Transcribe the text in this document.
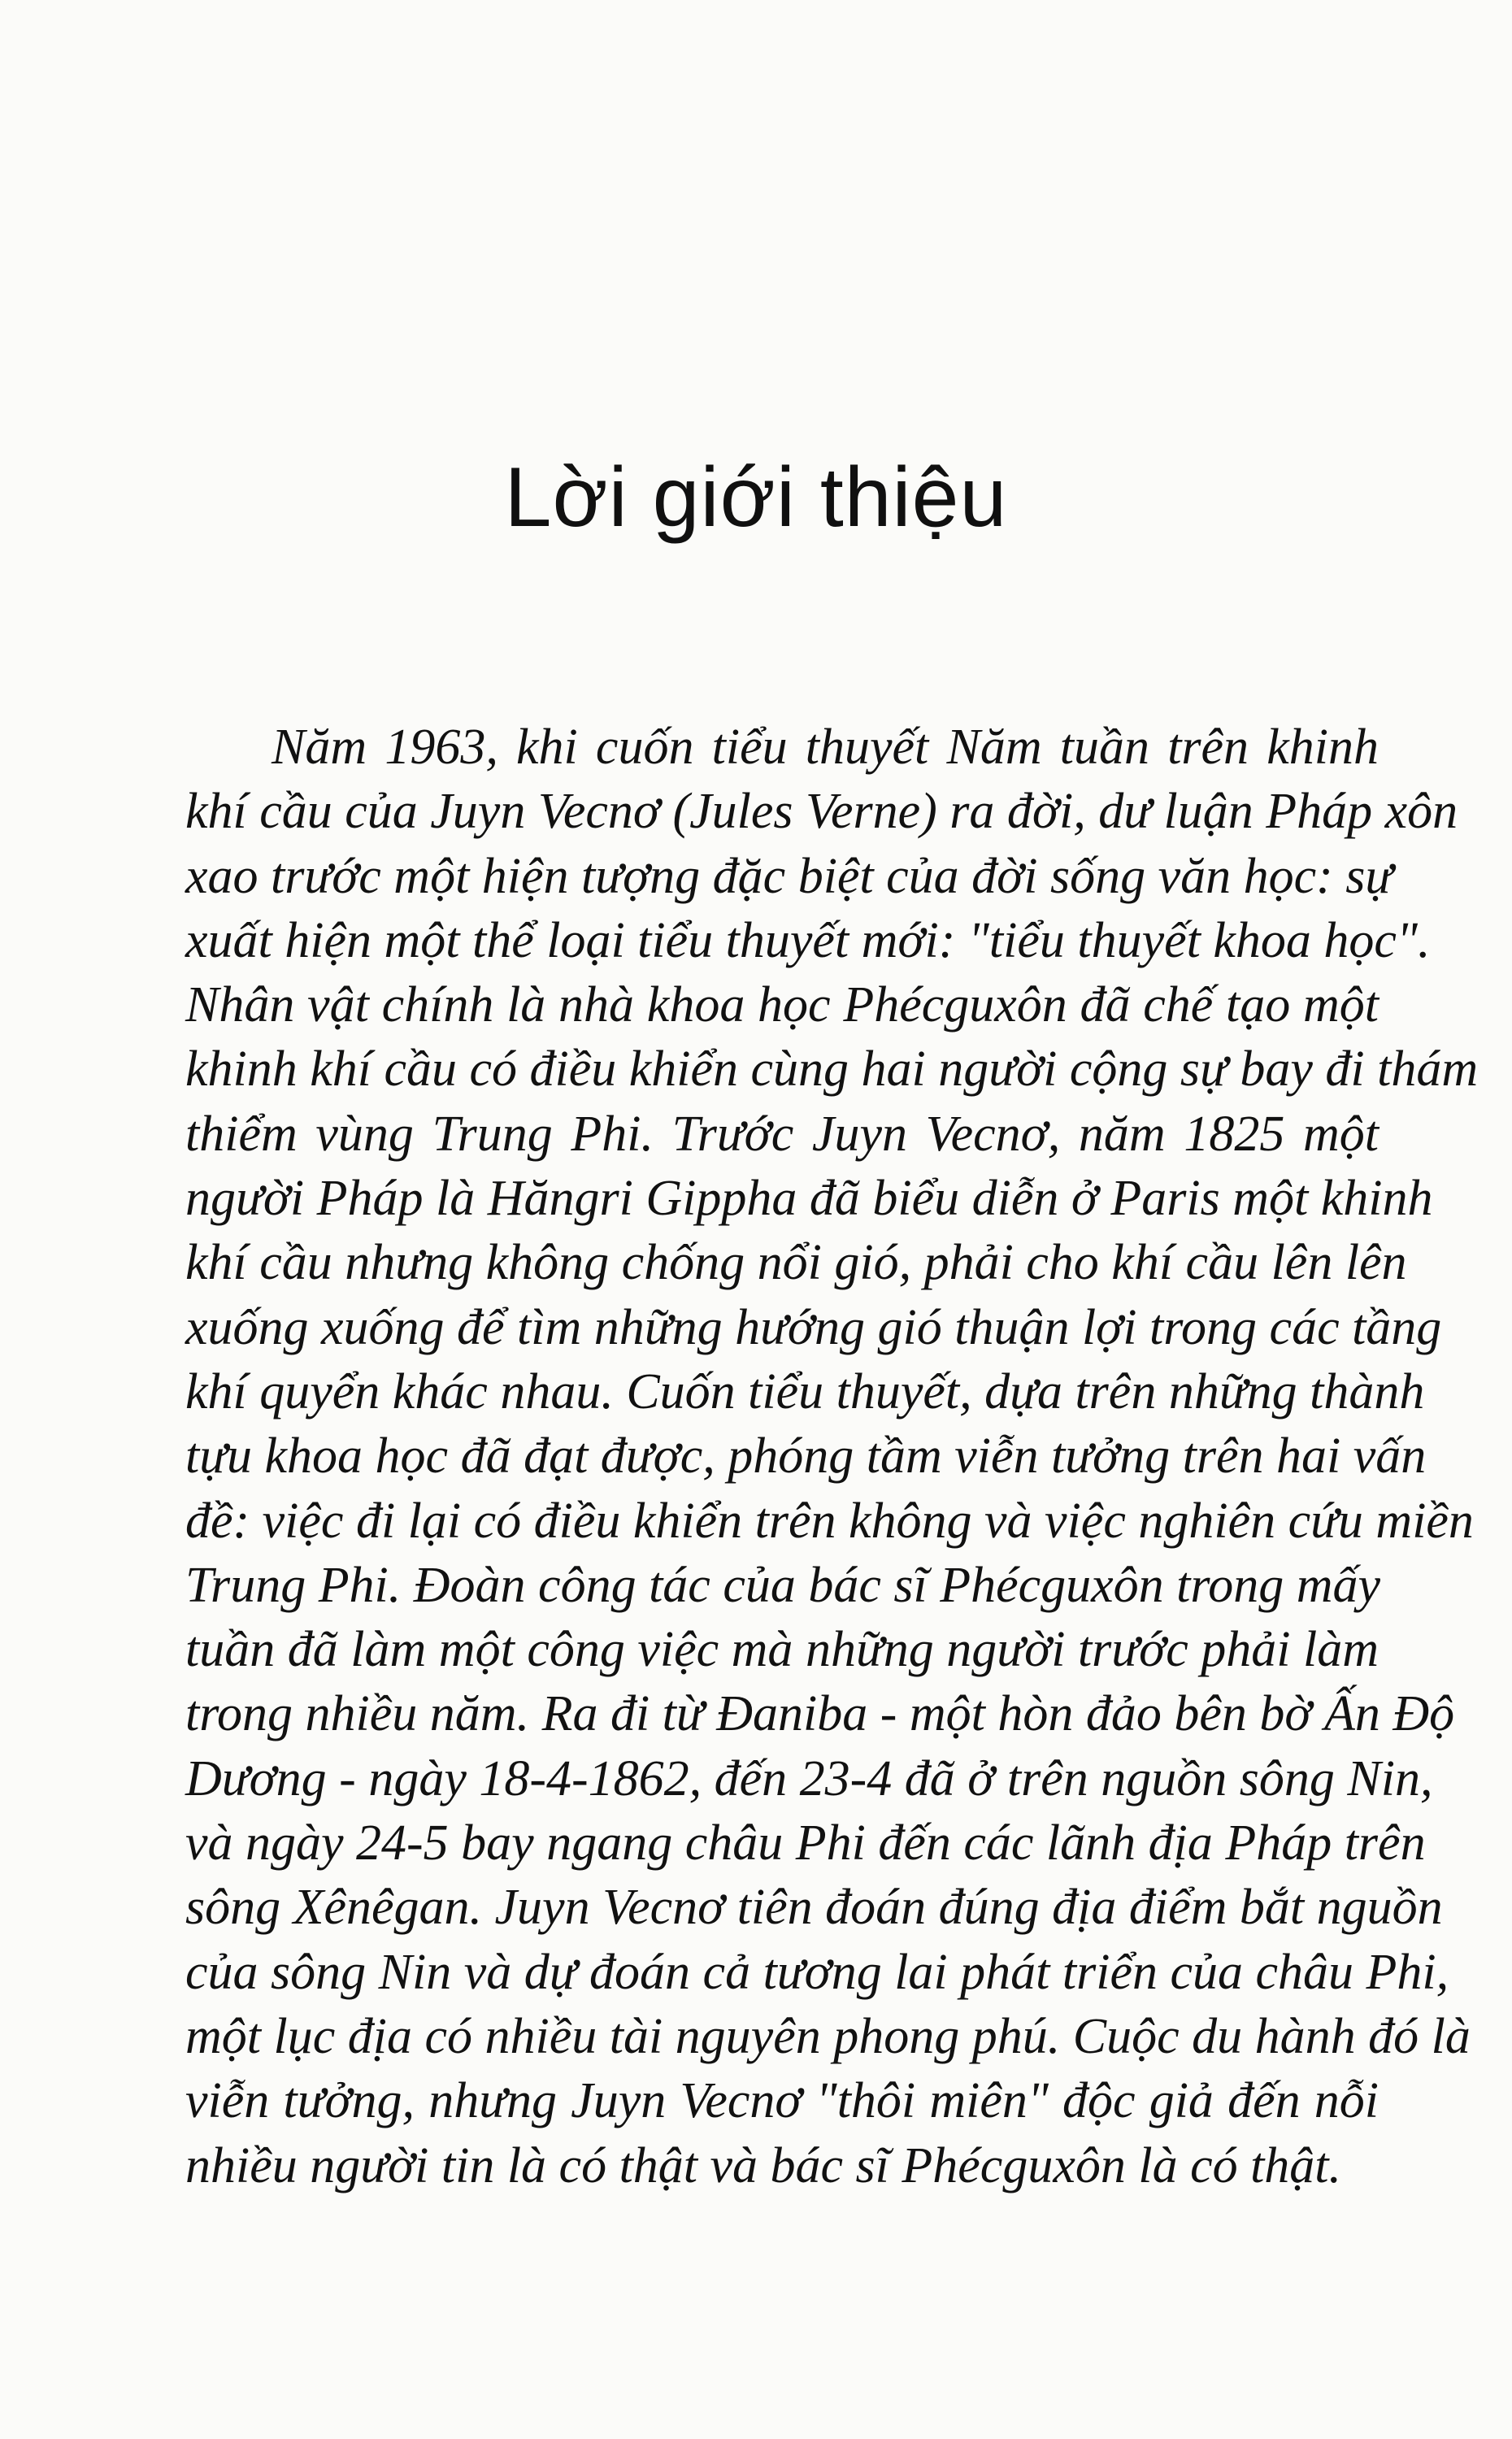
Lời giới thiệu
Năm 1963, khi cuốn tiểu thuyết Năm tuần trên khinh
khí cầu của Juyn Vecnơ (Jules Verne) ra đời, dư luận Pháp xôn
xao trước một hiện tượng đặc biệt của đời sống văn học: sự
xuất hiện một thể loại tiểu thuyết mới: "tiểu thuyết khoa học".
Nhân vật chính là nhà khoa học Phécguxôn đã chế tạo một
khinh khí cầu có điều khiển cùng hai người cộng sự bay đi thám
thiểm vùng Trung Phi. Trước Juyn Vecnơ, năm 1825 một
người Pháp là Hăngri Gippha đã biểu diễn ở Paris một khinh
khí cầu nhưng không chống nổi gió, phải cho khí cầu lên lên
xuống xuống để tìm những hướng gió thuận lợi trong các tầng
khí quyển khác nhau. Cuốn tiểu thuyết, dựa trên những thành
tựu khoa học đã đạt được, phóng tầm viễn tưởng trên hai vấn
đề: việc đi lại có điều khiển trên không và việc nghiên cứu miền
Trung Phi. Đoàn công tác của bác sĩ Phécguxôn trong mấy
tuần đã làm một công việc mà những người trước phải làm
trong nhiều năm. Ra đi từ Đaniba - một hòn đảo bên bờ Ấn Độ
Dương - ngày 18-4-1862, đến 23-4 đã ở trên nguồn sông Nin,
và ngày 24-5 bay ngang châu Phi đến các lãnh địa Pháp trên
sông Xênêgan. Juyn Vecnơ tiên đoán đúng địa điểm bắt nguồn
của sông Nin và dự đoán cả tương lai phát triển của châu Phi,
một lục địa có nhiều tài nguyên phong phú. Cuộc du hành đó là
viễn tưởng, nhưng Juyn Vecnơ "thôi miên" độc giả đến nỗi
nhiều người tin là có thật và bác sĩ Phécguxôn là có thật.
